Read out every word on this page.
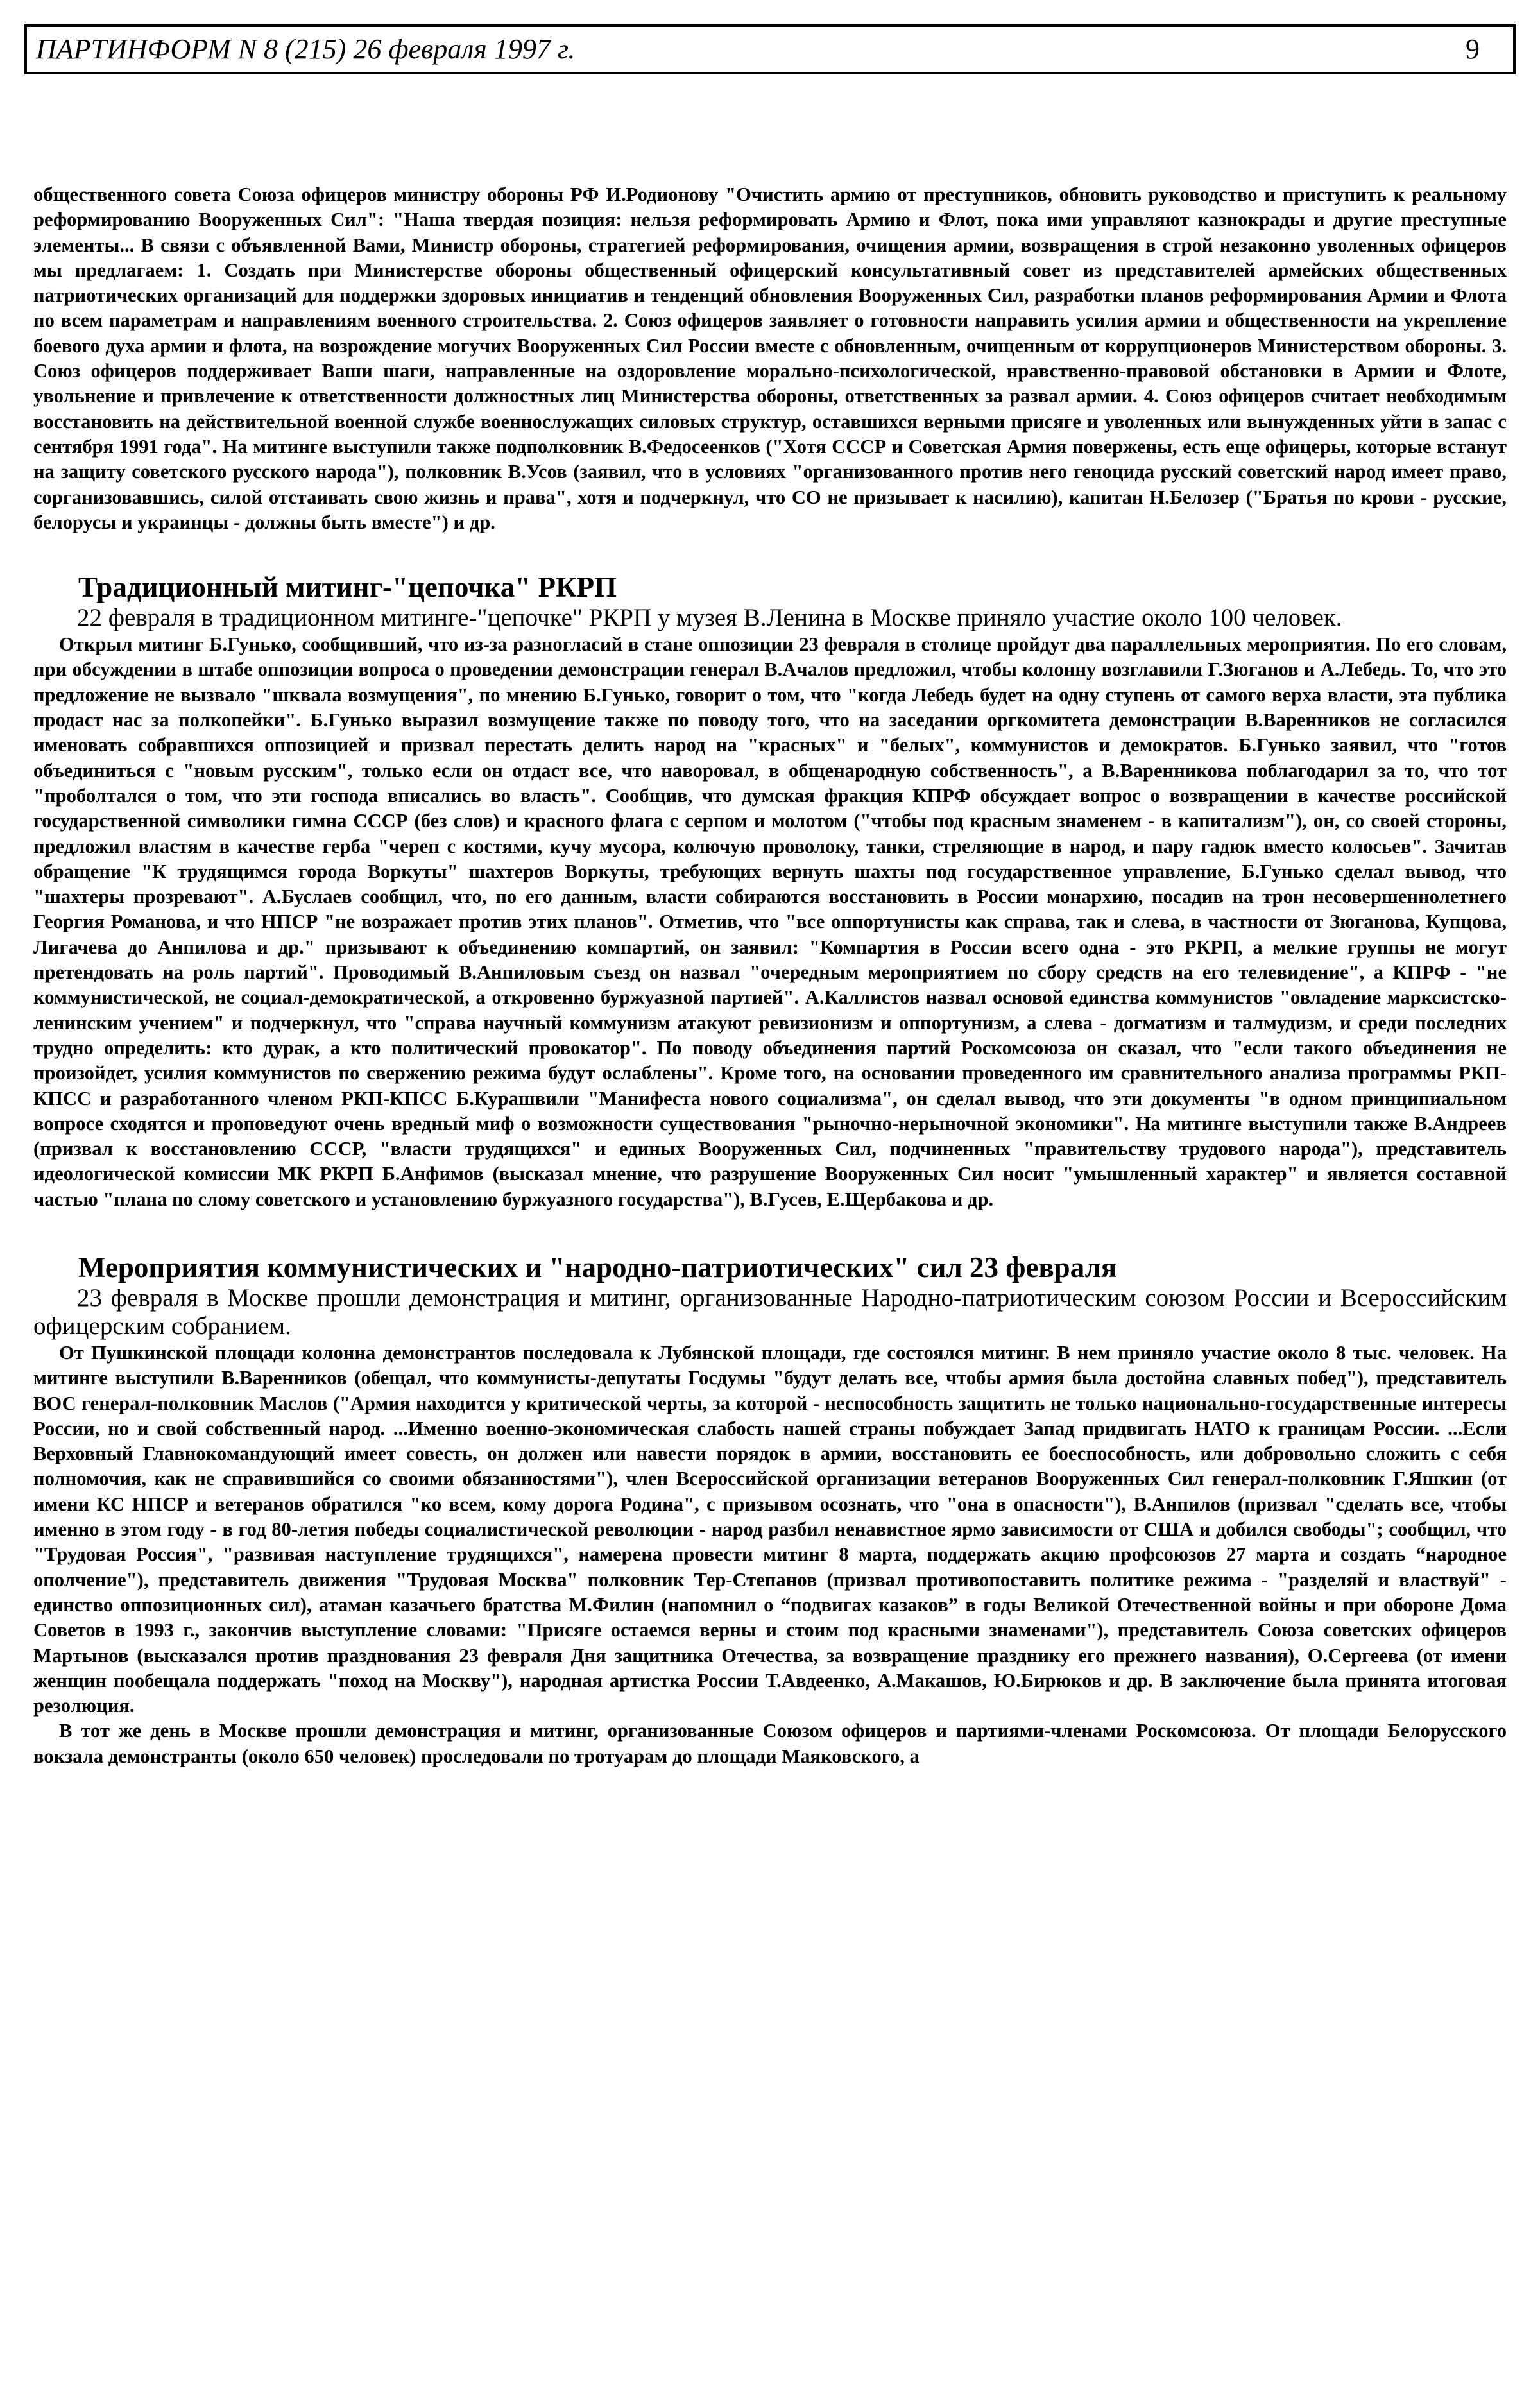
ПАРТИНФОРМ N 8 (215) 26 февраля 1997 г.	9

общественного совета Союза офицеров министру обороны РФ И.Родионову "Очистить армию от преступников, обновить руководство и приступить к реальному реформированию Вооруженных Сил": "Наша твердая позиция: нельзя реформировать Армию и Флот, пока ими управляют казнокрады и другие преступные элементы... В связи с объявленной Вами, Министр обороны, стратегией реформирования, очищения армии, возвращения в строй незаконно уволенных офицеров мы предлагаем: 1. Создать при Министерстве обороны общественный офицерский консультативный совет из представителей армейских общественных патриотических организаций для поддержки здоровых инициатив и тенденций обновления Вооруженных Сил, разработки планов реформирования Армии и Флота по всем параметрам и направлениям военного строительства. 2. Союз офицеров заявляет о готовности направить усилия армии и общественности на укрепление боевого духа армии и флота, на возрождение могучих Вооруженных Сил России вместе с обновленным, очищенным от коррупционеров Министерством обороны. 3. Союз офицеров поддерживает Ваши шаги, направленные на оздоровление морально-психологической, нравственно-правовой обстановки в Армии и Флоте, увольнение и привлечение к ответственности должностных лиц Министерства обороны, ответственных за развал армии. 4. Союз офицеров считает необходимым восстановить на действительной военной службе военнослужащих силовых структур, оставшихся верными присяге и уволенных или вынужденных уйти в запас с сентября 1991 года". На митинге выступили также подполковник В.Федосеенков ("Хотя СССР и Советская Армия повержены, есть еще офицеры, которые встанут на защиту советского русского народа"), полковник В.Усов (заявил, что в условиях "организованного против него геноцида русский советский народ имеет право, сорганизовавшись, силой отстаивать свою жизнь и права", хотя и подчеркнул, что СО не призывает к насилию), капитан Н.Белозер ("Братья по крови - русские, белорусы и украинцы - должны быть вместе") и др.

Традиционный митинг-"цепочка" РКРП

22 февраля в традиционном митинге-"цепочке" РКРП у музея В.Ленина в Москве приняло участие около 100 человек.

Открыл митинг Б.Гунько, сообщивший, что из-за разногласий в стане оппозиции 23 февраля в столице пройдут два параллельных мероприятия. По его словам, при обсуждении в штабе оппозиции вопроса о проведении демонстрации генерал В.Ачалов предложил, чтобы колонну возглавили Г.Зюганов и А.Лебедь. То, что это предложение не вызвало "шквала возмущения", по мнению Б.Гунько, говорит о том, что "когда Лебедь будет на одну ступень от самого верха власти, эта публика продаст нас за полкопейки". Б.Гунько выразил возмущение также по поводу того, что на заседании оргкомитета демонстрации В.Варенников не согласился именовать собравшихся оппозицией и призвал перестать делить народ на "красных" и "белых", коммунистов и демократов. Б.Гунько заявил, что "готов объединиться с "новым русским", только если он отдаст все, что наворовал, в общенародную собственность", а В.Варенникова поблагодарил за то, что тот "проболтался о том, что эти господа вписались во власть". Сообщив, что думская фракция КПРФ обсуждает вопрос о возвращении в качестве российской государственной символики гимна СССР (без слов) и красного флага с серпом и молотом ("чтобы под красным знаменем - в капитализм"), он, со своей стороны, предложил властям в качестве герба "череп с костями, кучу мусора, колючую проволоку, танки, стреляющие в народ, и пару гадюк вместо колосьев". Зачитав обращение "К трудящимся города Воркуты" шахтеров Воркуты, требующих вернуть шахты под государственное управление, Б.Гунько сделал вывод, что "шахтеры прозревают". А.Буслаев сообщил, что, по его данным, власти собираются восстановить в России монархию, посадив на трон несовершеннолетнего Георгия Романова, и что НПСР "не возражает против этих планов". Отметив, что "все оппортунисты как справа, так и слева, в частности от Зюганова, Купцова, Лигачева до Анпилова и др." призывают к объединению компартий, он заявил: "Компартия в России всего одна - это РКРП, а мелкие группы не могут претендовать на роль партий". Проводимый В.Анпиловым съезд он назвал "очередным мероприятием по сбору средств на его телевидение", а КПРФ - "не коммунистической, не социал-демократической, а откровенно буржуазной партией". А.Каллистов назвал основой единства коммунистов "овладение марксистско-ленинским учением" и подчеркнул, что "справа научный коммунизм атакуют ревизионизм и оппортунизм, а слева - догматизм и талмудизм, и среди последних трудно определить: кто дурак, а кто политический провокатор". По поводу объединения партий Роскомсоюза он сказал, что "если такого объединения не произойдет, усилия коммунистов по свержению режима будут ослаблены". Кроме того, на основании проведенного им сравнительного анализа программы РКП-КПСС и разработанного членом РКП-КПСС Б.Курашвили "Манифеста нового социализма", он сделал вывод, что эти документы "в одном принципиальном вопросе сходятся и проповедуют очень вредный миф о возможности существования "рыночно-нерыночной экономики". На митинге выступили также В.Андреев (призвал к восстановлению СССР, "власти трудящихся" и единых Вооруженных Сил, подчиненных "правительству трудового народа"), представитель идеологической комиссии МК РКРП Б.Анфимов (высказал мнение, что разрушение Вооруженных Сил носит "умышленный характер" и является составной частью "плана по слому советского и установлению буржуазного государства"), В.Гусев, Е.Щербакова и др.

Мероприятия коммунистических и "народно-патриотических" сил 23 февраля

23 февраля в Москве прошли демонстрация и митинг, организованные Народно-патриотическим союзом России и Всероссийским офицерским собранием.

От Пушкинской площади колонна демонстрантов последовала к Лубянской площади, где состоялся митинг. В нем приняло участие около 8 тыс. человек. На митинге выступили В.Варенников (обещал, что коммунисты-депутаты Госдумы "будут делать все, чтобы армия была достойна славных побед"), представитель ВОС генерал-полковник Маслов ("Армия находится у критической черты, за которой - неспособность защитить не только национально-государственные интересы России, но и свой собственный народ. ...Именно военно-экономическая слабость нашей страны побуждает Запад придвигать НАТО к границам России. ...Если Верховный Главнокомандующий имеет совесть, он должен или навести порядок в армии, восстановить ее боеспособность, или добровольно сложить с себя полномочия, как не справившийся со своими обязанностями"), член Всероссийской организации ветеранов Вооруженных Сил генерал-полковник Г.Яшкин (от имени КС НПСР и ветеранов обратился "ко всем, кому дорога Родина", с призывом осознать, что "она в опасности"), В.Анпилов (призвал "сделать все, чтобы именно в этом году - в год 80-летия победы социалистической революции - народ разбил ненавистное ярмо зависимости от США и добился свободы"; сообщил, что "Трудовая Россия", "развивая наступление трудящихся", намерена провести митинг 8 марта, поддержать акцию профсоюзов 27 марта и создать “народное ополчение"), представитель движения "Трудовая Москва" полковник Тер-Степанов (призвал противопоставить политике режима - "разделяй и властвуй" - единство оппозиционных сил), атаман казачьего братства М.Филин (напомнил о “подвигах казаков” в годы Великой Отечественной войны и при обороне Дома Советов в 1993 г., закончив выступление словами: "Присяге остаемся верны и стоим под красными знаменами"), представитель Союза советских офицеров Мартынов (высказался против празднования 23 февраля Дня защитника Отечества, за возвращение празднику его прежнего названия), О.Сергеева (от имени женщин пообещала поддержать "поход на Москву"), народная артистка России Т.Авдеенко, А.Макашов, Ю.Бирюков и др. В заключение была принята итоговая резолюция.

В тот же день в Москве прошли демонстрация и митинг, организованные Союзом офицеров и партиями-членами Роскомсоюза. От площади Белорусского вокзала демонстранты (около 650 человек) проследовали по тротуарам до площади Маяковского, а
